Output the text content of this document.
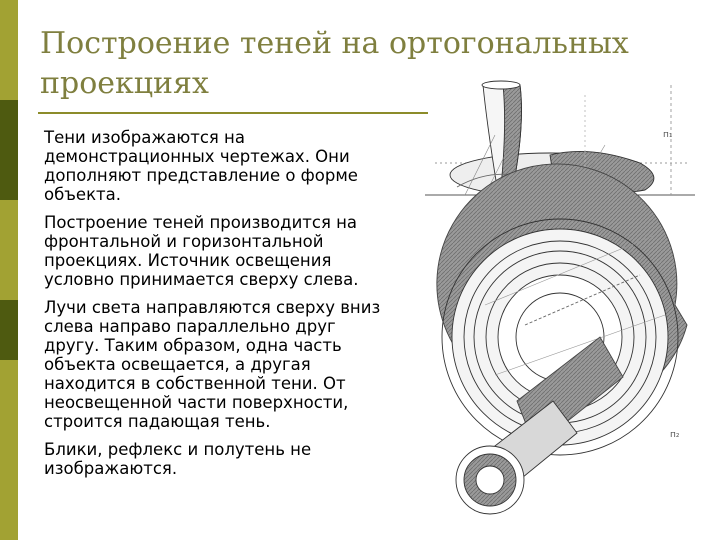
Построение теней на ортогональных проекциях

Тени изображаются на демонстрационных чертежах. Они дополняют представление о форме объекта.

Построение теней производится на фронтальной и горизонтальной проекциях. Источник освещения условно принимается сверху слева.

Лучи света направляются сверху вниз слева направо параллельно друг другу. Таким образом, одна часть объекта освещается, а другая находится в собственной тени. От неосвещенной части поверхности, строится падающая тень.

Блики, рефлекс и полутень не изображаются.

п₁
п₂
